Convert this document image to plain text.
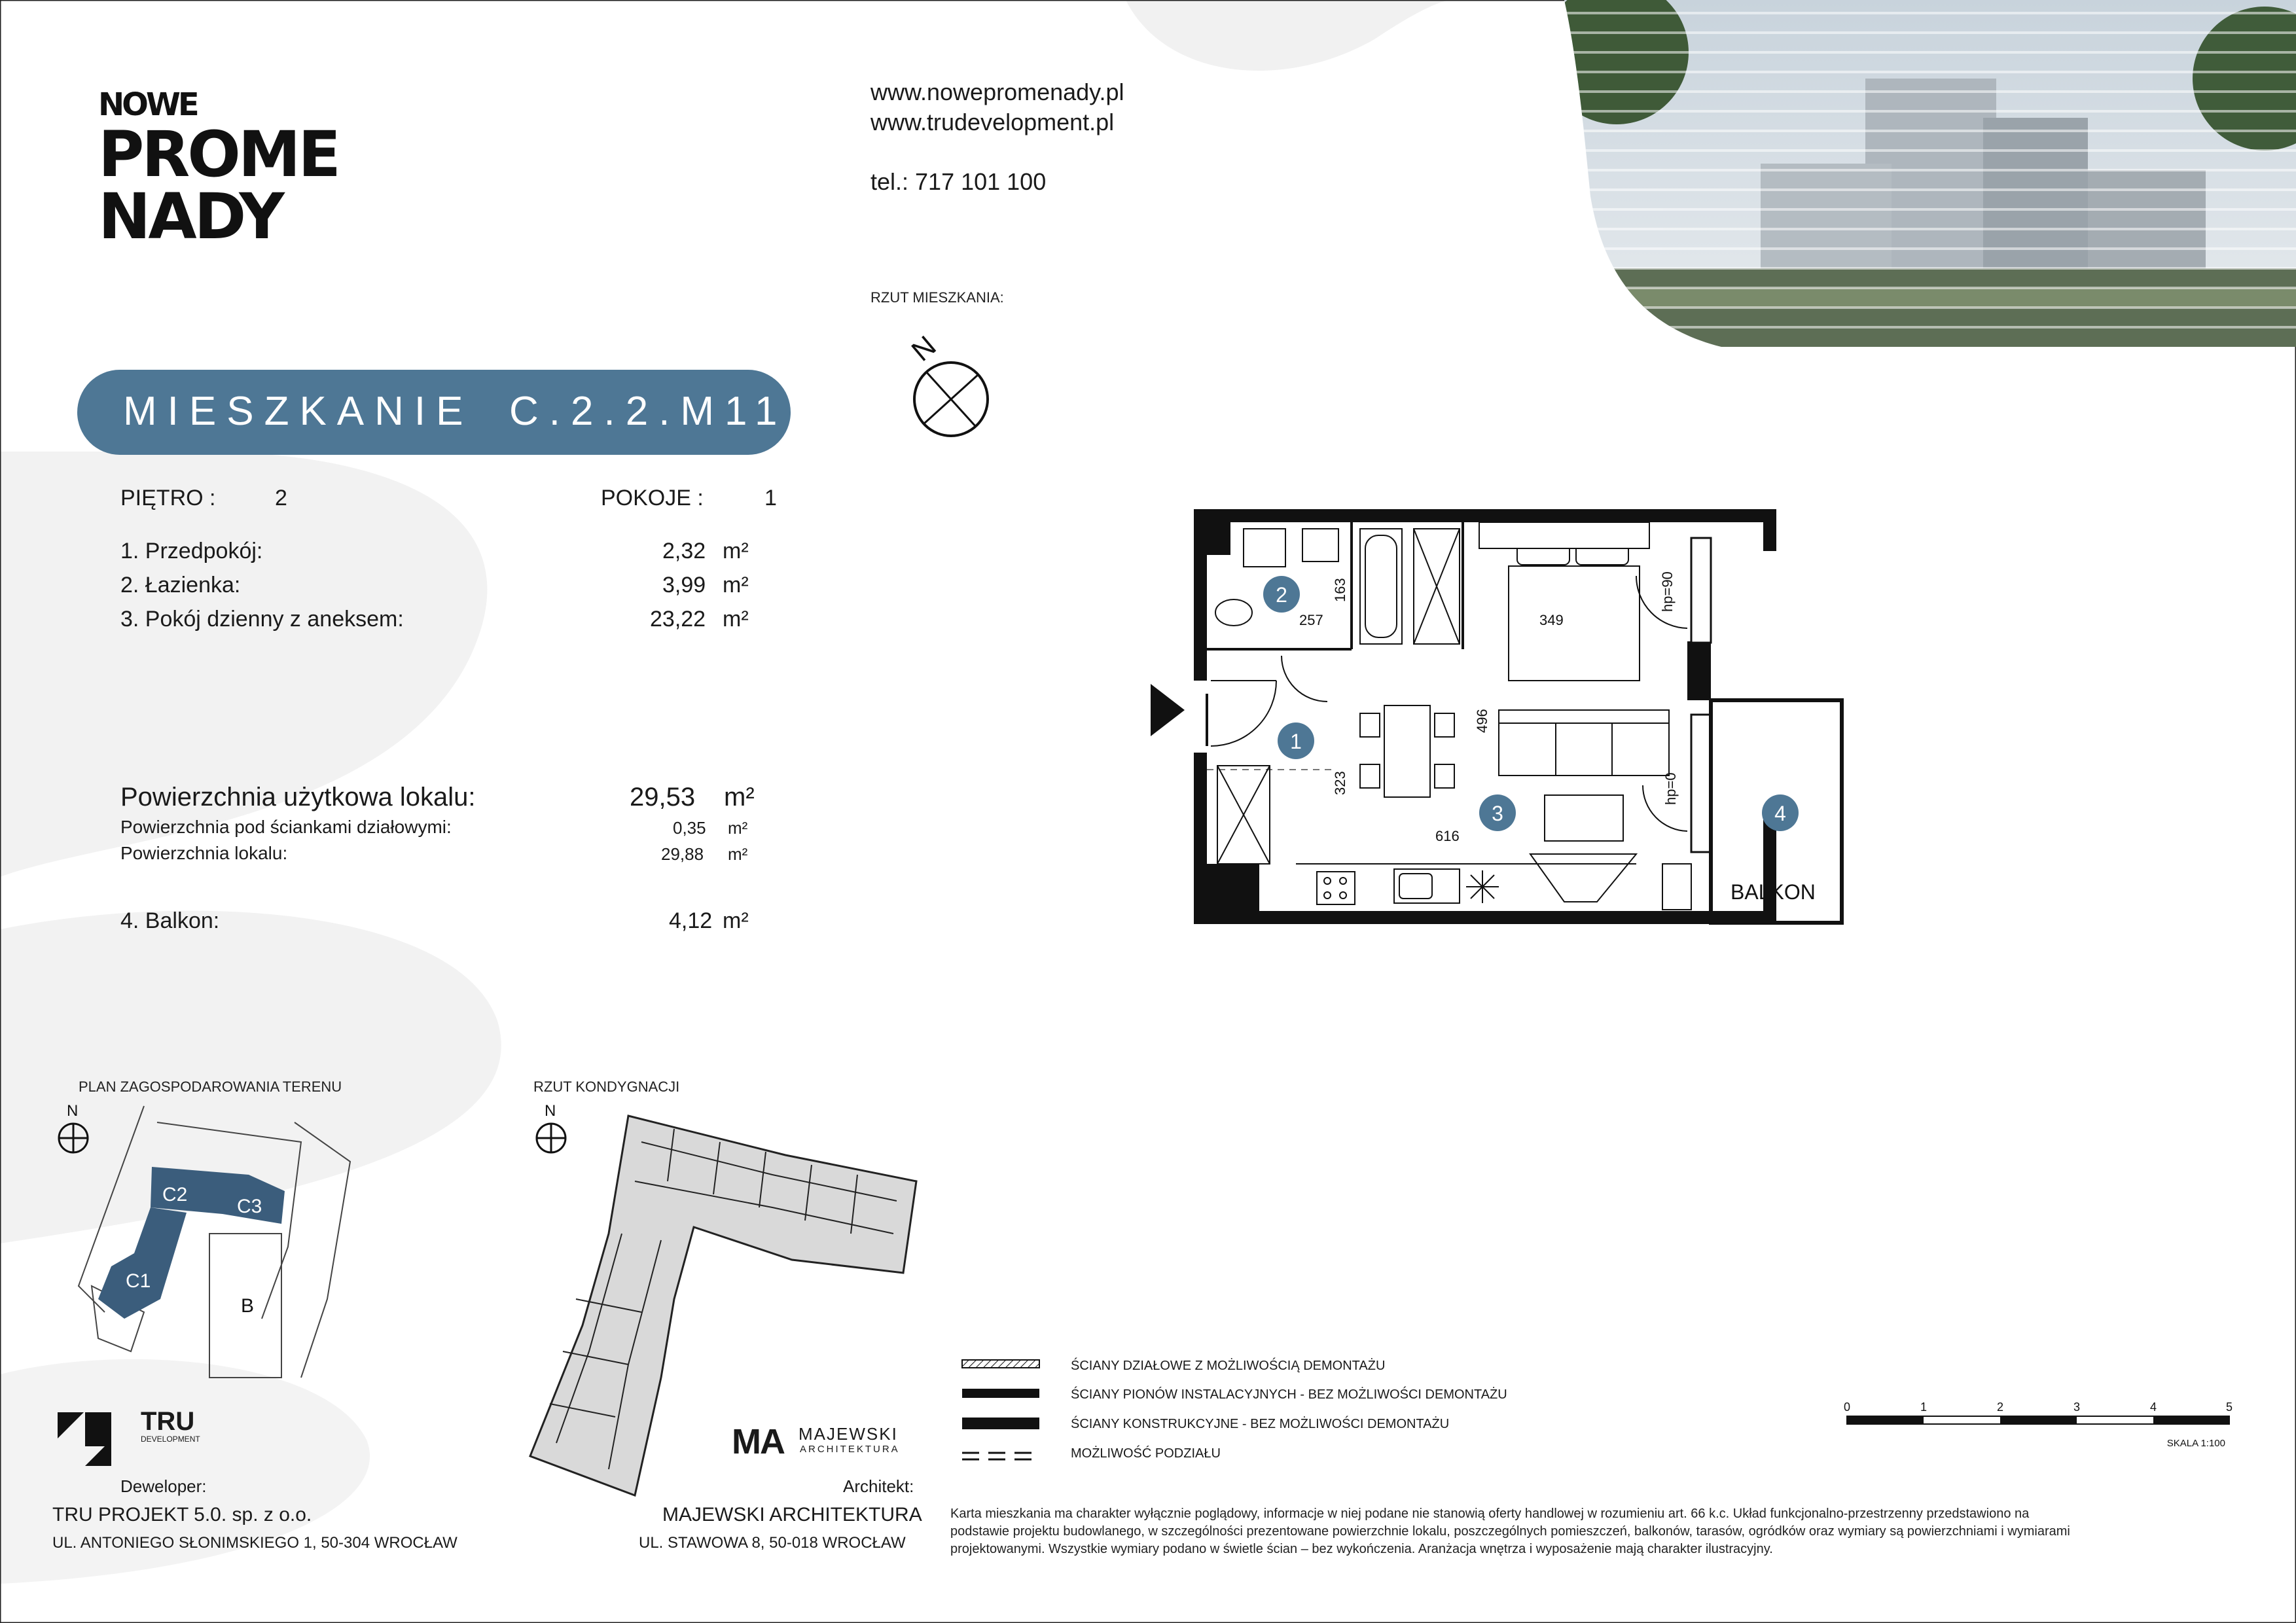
NOWE
PROME
NADY
www.nowepromenady.pl
www.trudevelopment.pl
tel.: 717 101 100
RZUT MIESZKANIA:
N
MIESZKANIE C.2.2.M11
PIĘTRO :	2	POKOJE :	1
1. Przedpokój:	2,32 m²
2. Łazienka:	3,99 m²
3. Pokój dzienny z aneksem:	23,22 m²
Powierzchnia użytkowa lokalu:	29,53 m²
Powierzchnia pod ściankami działowymi:	0,35 m²
Powierzchnia lokalu:	29,88 m²
4. Balkon:	4,12 m²
257
163
349
496
323
616
hp=90
hp=0
1
2
3	4
BALKON
PLAN ZAGOSPODAROWANIA TERENU
N
C2
C3
C1
B
RZUT KONDYGNACJI
N
ŚCIANY DZIAŁOWE Z MOŻLIWOŚCIĄ DEMONTAŻU
ŚCIANY PIONÓW INSTALACYJNYCH - BEZ MOŻLIWOŚCI DEMONTAŻU
ŚCIANY KONSTRUKCYJNE - BEZ MOŻLIWOŚCI DEMONTAŻU
MOŻLIWOŚĆ PODZIAŁU
0	1	2	3	4	5
SKALA 1:100
Karta mieszkania ma charakter wyłącznie poglądowy, informacje w niej podane nie stanowią oferty handlowej w rozumieniu art. 66 k.c. Układ funkcjonalno-przestrzenny przedstawiono na
podstawie projektu budowlanego, w szczególności prezentowane powierzchnie lokalu, poszczególnych pomieszczeń, balkonów, tarasów, ogródków oraz wymiary są powierzchniami i wymiarami
projektowanymi. Wszystkie wymiary podano w świetle ścian – bez wykończenia. Aranżacja wnętrza i wyposażenie mają charakter ilustracyjny.
TRU
DEVELOPMENT
Deweloper:
TRU PROJEKT 5.0. sp. z o.o.
UL. ANTONIEGO SŁONIMSKIEGO 1, 50-304 WROCŁAW
MA MAJEWSKI
ARCHITEKTURA
Architekt:
MAJEWSKI ARCHITEKTURA
UL. STAWOWA 8, 50-018 WROCŁAW
